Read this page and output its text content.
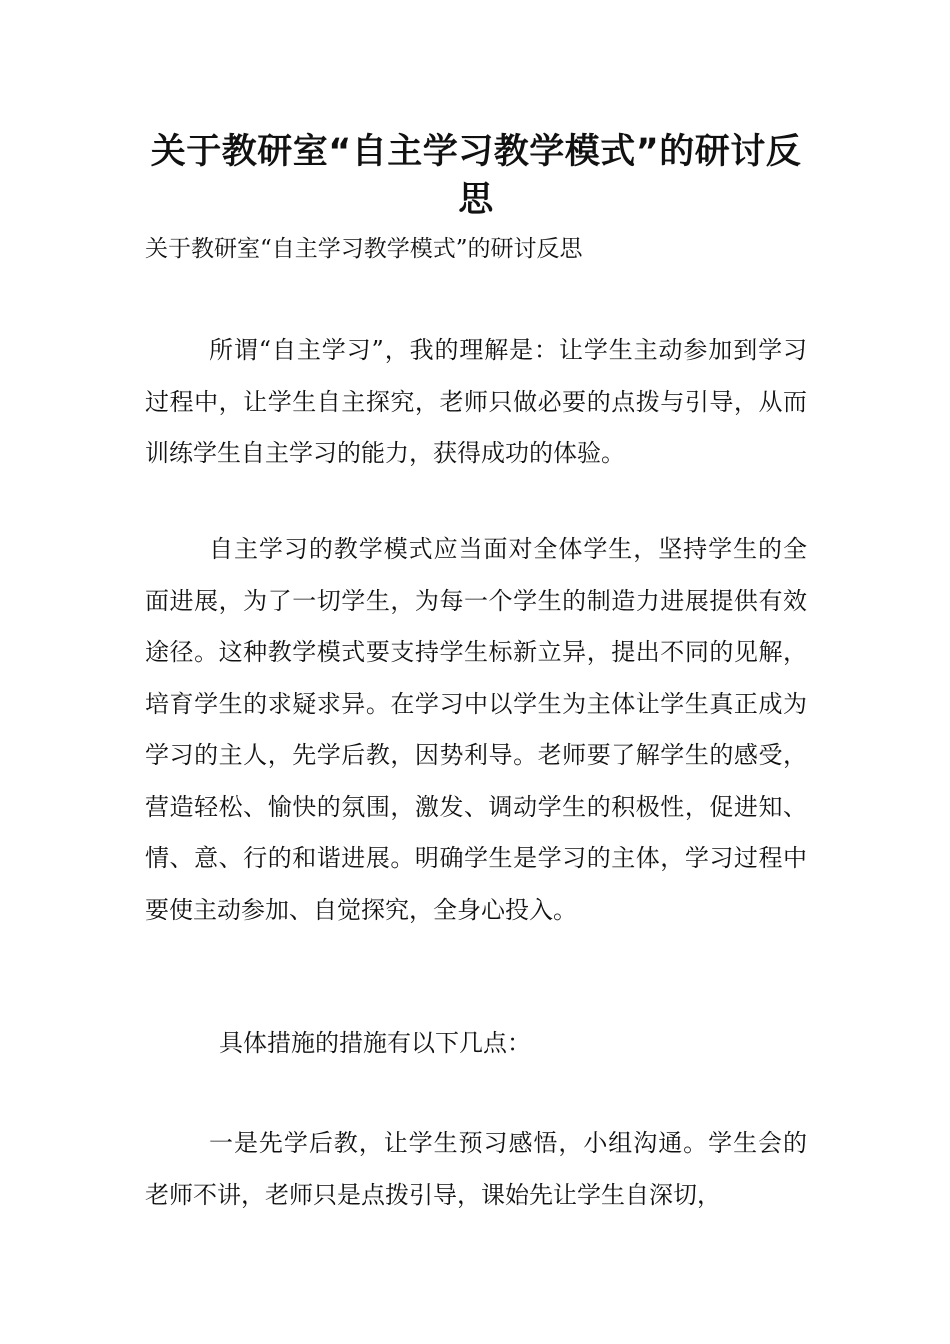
关于教研室“自主学习教学模式”的研讨反思

关于教研室“自主学习教学模式”的研讨反思

所谓“自主学习”，我的理解是：让学生主动参加到学习过程中，让学生自主探究，老师只做必要的点拨与引导，从而训练学生自主学习的能力，获得成功的体验。

自主学习的教学模式应当面对全体学生，坚持学生的全面进展，为了一切学生，为每一个学生的制造力进展提供有效途径。这种教学模式要支持学生标新立异，提出不同的见解，培育学生的求疑求异。在学习中以学生为主体让学生真正成为学习的主人，先学后教，因势利导。老师要了解学生的感受，营造轻松、愉快的氛围，激发、调动学生的积极性，促进知、情、意、行的和谐进展。明确学生是学习的主体，学习过程中要使主动参加、自觉探究，全身心投入。

具体措施的措施有以下几点：

一是先学后教，让学生预习感悟，小组沟通。学生会的老师不讲，老师只是点拨引导，课始先让学生自深切，
